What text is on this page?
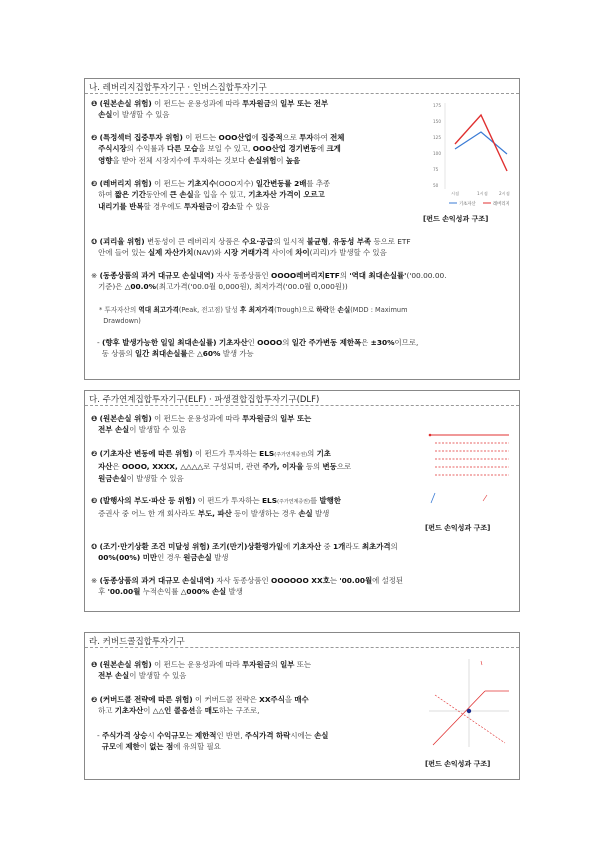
나. 레버리지집합투자기구 · 인버스집합투자기구
❶ (원본손실 위험) 이 펀드는 운용성과에 따라 투자원금의 일부 또는 전부
손실이 발생할 수 있음
❷ (특정섹터 집중투자 위험) 이 펀드는 OOO산업에 집중적으로 투자하여 전체
주식시장의 수익률과 다른 모습을 보일 수 있고, OOO산업 경기변동에 크게
영향을 받아 전체 시장지수에 투자하는 것보다 손실위험이 높음
❸ (레버리지 위험) 이 펀드는 기초지수(OOO지수) 일간변동률 2배를 추종
하여 짧은 기간동안에 큰 손실을 입을 수 있고, 기초자산 가격이 오르고
내리기를 반복할 경우에도 투자원금이 감소할 수 있음
175
150
125
100
75
50
시점	1시점	2시점
기초자산	레버리지
[펀드 손익성과 구조]
❹ (괴리율 위험) 변동성이 큰 레버리지 상품은 수요·공급의 일시적 불균형, 유동성 부족 등으로 ETF
안에 들어 있는 실제 자산가치(NAV)와 시장 거래가격 사이에 차이(괴리)가 발생할 수 있음
※ (동종상품의 과거 대규모 손실내역) 자사 동종상품인 OOOO레버리지ETF의 '역대 최대손실률'('00.00.00.
기준)은 △00.0%(최고가격('00.0월 0,000원), 최저가격('00.0월 0,000원))
* 투자자산의 역대 최고가격(Peak, 전고점) 달성 후 최저가격(Trough)으로 하락한 손실(MDD : Maximum
Drawdown)
- (향후 발생가능한 일일 최대손실률) 기초자산인 OOOO의 일간 주가변동 제한폭은 ±30%이므로,
동 상품의 일간 최대손실률은 △60% 발생 가능
다. 주가연계집합투자기구(ELF) · 파생결합집합투자기구(DLF)
❶ (원본손실 위험) 이 펀드는 운용성과에 따라 투자원금의 일부 또는
전부 손실이 발생할 수 있음
❷ (기초자산 변동에 따른 위험) 이 펀드가 투자하는 ELS(주가연계증권)의 기초
자산은 OOOO, XXXX, △△△△로 구성되며, 관련 주가, 이자율 등의 변동으로
원금손실이 발생할 수 있음
❸ (발행사의 부도·파산 등 위험) 이 펀드가 투자하는 ELS(주가연계증권)를 발행한
증권사 중 어느 한 개 회사라도 부도, 파산 등이 발생하는 경우 손실 발생
[펀드 손익성과 구조]
❹ (조기·만기상환 조건 미달성 위험) 조기(만기)상환평가일에 기초자산 중 1개라도 최초가격의
00%(00%) 미만인 경우 원금손실 발생
※ (동종상품의 과거 대규모 손실내역) 자사 동종상품인 OOOOOO XX호는 '00.00월에 설정된
후 '00.00월 누적손익률 △000% 손실 발생
라. 커버드콜집합투자기구
❶ (원본손실 위험) 이 펀드는 운용성과에 따라 투자원금의 일부 또는
전부 손실이 발생할 수 있음
❷ (커버드콜 전략에 따른 위험) 이 커버드콜 전략은 XX주식을 매수
하고 기초자산이 △△인 콜옵션을 매도하는 구조로,
- 주식가격 상승시 수익규모는 제한적인 반면, 주식가격 하락시에는 손실
규모에 제한이 없는 점에 유의할 필요
[펀드 손익성과 구조]
